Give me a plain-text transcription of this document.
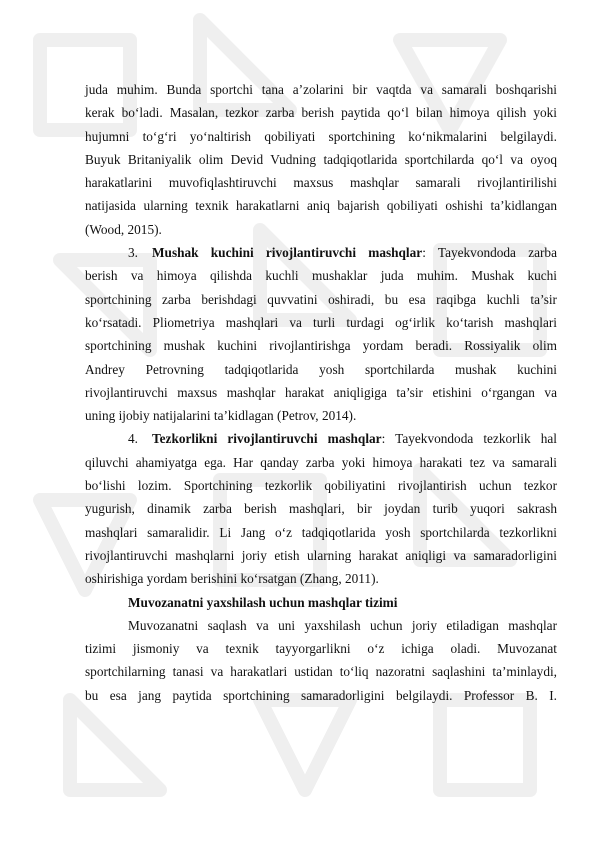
juda muhim. Bunda sportchi tana a’zolarini bir vaqtda va samarali boshqarishi
kerak bo‘ladi. Masalan, tezkor zarba berish paytida qo‘l bilan himoya qilish yoki
hujumni to‘g‘ri yo‘naltirish qobiliyati sportchining ko‘nikmalarini belgilaydi.
Buyuk Britaniyalik olim Devid Vudning tadqiqotlarida sportchilarda qo‘l va oyoq
harakatlarini muvofiqlashtiruvchi maxsus mashqlar samarali rivojlantirilishi
natijasida ularning texnik harakatlarni aniq bajarish qobiliyati oshishi ta’kidlangan
(Wood, 2015).
3. Mushak kuchini rivojlantiruvchi mashqlar: Tayekvondoda zarba
berish va himoya qilishda kuchli mushaklar juda muhim. Mushak kuchi
sportchining zarba berishdagi quvvatini oshiradi, bu esa raqibga kuchli ta’sir
ko‘rsatadi. Pliometriya mashqlari va turli turdagi og‘irlik ko‘tarish mashqlari
sportchining mushak kuchini rivojlantirishga yordam beradi. Rossiyalik olim
Andrey Petrovning tadqiqotlarida yosh sportchilarda mushak kuchini
rivojlantiruvchi maxsus mashqlar harakat aniqligiga ta’sir etishini o‘rgangan va
uning ijobiy natijalarini ta’kidlagan (Petrov, 2014).
4. Tezkorlikni rivojlantiruvchi mashqlar: Tayekvondoda tezkorlik hal
qiluvchi ahamiyatga ega. Har qanday zarba yoki himoya harakati tez va samarali
bo‘lishi lozim. Sportchining tezkorlik qobiliyatini rivojlantirish uchun tezkor
yugurish, dinamik zarba berish mashqlari, bir joydan turib yuqori sakrash
mashqlari samaralidir. Li Jang o‘z tadqiqotlarida yosh sportchilarda tezkorlikni
rivojlantiruvchi mashqlarni joriy etish ularning harakat aniqligi va samaradorligini
oshirishiga yordam berishini ko‘rsatgan (Zhang, 2011).
Muvozanatni yaxshilash uchun mashqlar tizimi
Muvozanatni saqlash va uni yaxshilash uchun joriy etiladigan mashqlar
tizimi jismoniy va texnik tayyorgarlikni o‘z ichiga oladi. Muvozanat
sportchilarning tanasi va harakatlari ustidan to‘liq nazoratni saqlashini ta’minlaydi,
bu esa jang paytida sportchining samaradorligini belgilaydi. Professor B. I.
